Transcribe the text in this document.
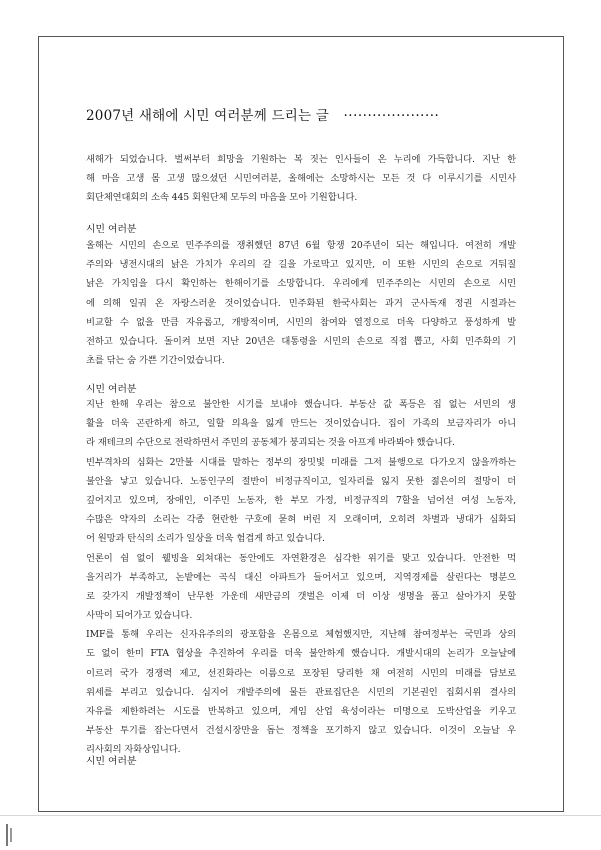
2007년 새해에 시민 여러분께 드리는 글 ····················
새해가 되었습니다. 벌써부터 희망을 기원하는 복 짓는 인사들이 온 누리에 가득합니다. 지난 한
해 마음 고생 몸 고생 많으셨던 시민여러분, 올해에는 소망하시는 모든 것 다 이루시기를 시민사
회단체연대회의 소속 445 회원단체 모두의 마음을 모아 기원합니다.
시민 여러분
올해는 시민의 손으로 민주주의를 쟁취했던 87년 6월 항쟁 20주년이 되는 해입니다. 여전히 개발
주의와 냉전시대의 낡은 가치가 우리의 갈 길을 가로막고 있지만, 이 또한 시민의 손으로 거둬질
낡은 가치임을 다시 확인하는 한해이기를 소망합니다. 우리에게 민주주의는 시민의 손으로 시민
에 의해 일궈 온 자랑스러운 것이었습니다. 민주화된 한국사회는 과거 군사독재 정권 시절과는
비교할 수 없을 만큼 자유롭고, 개방적이며, 시민의 참여와 열정으로 더욱 다양하고 풍성하게 발
전하고 있습니다. 돌이켜 보면 지난 20년은 대통령을 시민의 손으로 직접 뽑고, 사회 민주화의 기
초를 닦는 숨 가쁜 기간이었습니다.
시민 여러분
지난 한해 우리는 참으로 불안한 시기를 보내야 했습니다. 부동산 값 폭등은 집 없는 서민의 생
활을 더욱 곤란하게 하고, 일할 의욕을 잃게 만드는 것이었습니다. 집이 가족의 보금자리가 아니
라 재테크의 수단으로 전락하면서 주민의 공동체가 붕괴되는 것을 아프게 바라봐야 했습니다.
빈부격차의 심화는 2만불 시대를 말하는 정부의 장밋빛 미래를 그저 불행으로 다가오지 않을까하는
불안을 낳고 있습니다. 노동인구의 절반이 비정규직이고, 일자리를 잃지 못한 젊은이의 절망이 더
깊어지고 있으며, 장애인, 이주민 노동자, 한 부모 가정, 비정규직의 7할을 넘어선 여성 노동자,
수많은 약자의 소리는 각종 현란한 구호에 묻혀 버린 지 오래이며, 오히려 차별과 냉대가 심화되
어 원망과 탄식의 소리가 일상을 더욱 험겹게 하고 있습니다.
언론이 쉼 없이 웰빙을 외쳐대는 동안에도 자연환경은 심각한 위기를 맞고 있습니다. 안전한 먹
을거리가 부족하고, 논밭에는 곡식 대신 아파트가 들어서고 있으며, 지역경제를 살린다는 명분으
로 갖가지 개발정책이 난무한 가운데 새만금의 갯벌은 이제 더 이상 생명을 품고 살아가지 못할
사막이 되어가고 있습니다.
IMF를 통해 우리는 신자유주의의 광포함을 온몸으로 체험했지만, 지난해 참여정부는 국민과 상의
도 없이 한미 FTA 협상을 추진하여 우리를 더욱 불안하게 했습니다. 개발시대의 논리가 오늘날에
이르러 국가 경쟁력 제고, 선진화라는 이름으로 포장된 당리한 채 여전히 시민의 미래를 담보로
위세를 부리고 있습니다. 심지어 개발주의에 물든 관료집단은 시민의 기본권인 집회시위 결사의
자유를 제한하려는 시도를 반복하고 있으며, 게임 산업 육성이라는 미명으로 도박산업을 키우고
부동산 투기를 잡는다면서 건설시장만을 돕는 정책을 포기하지 않고 있습니다. 이것이 오늘날 우
리사회의 자화상입니다.
시민 여러분
